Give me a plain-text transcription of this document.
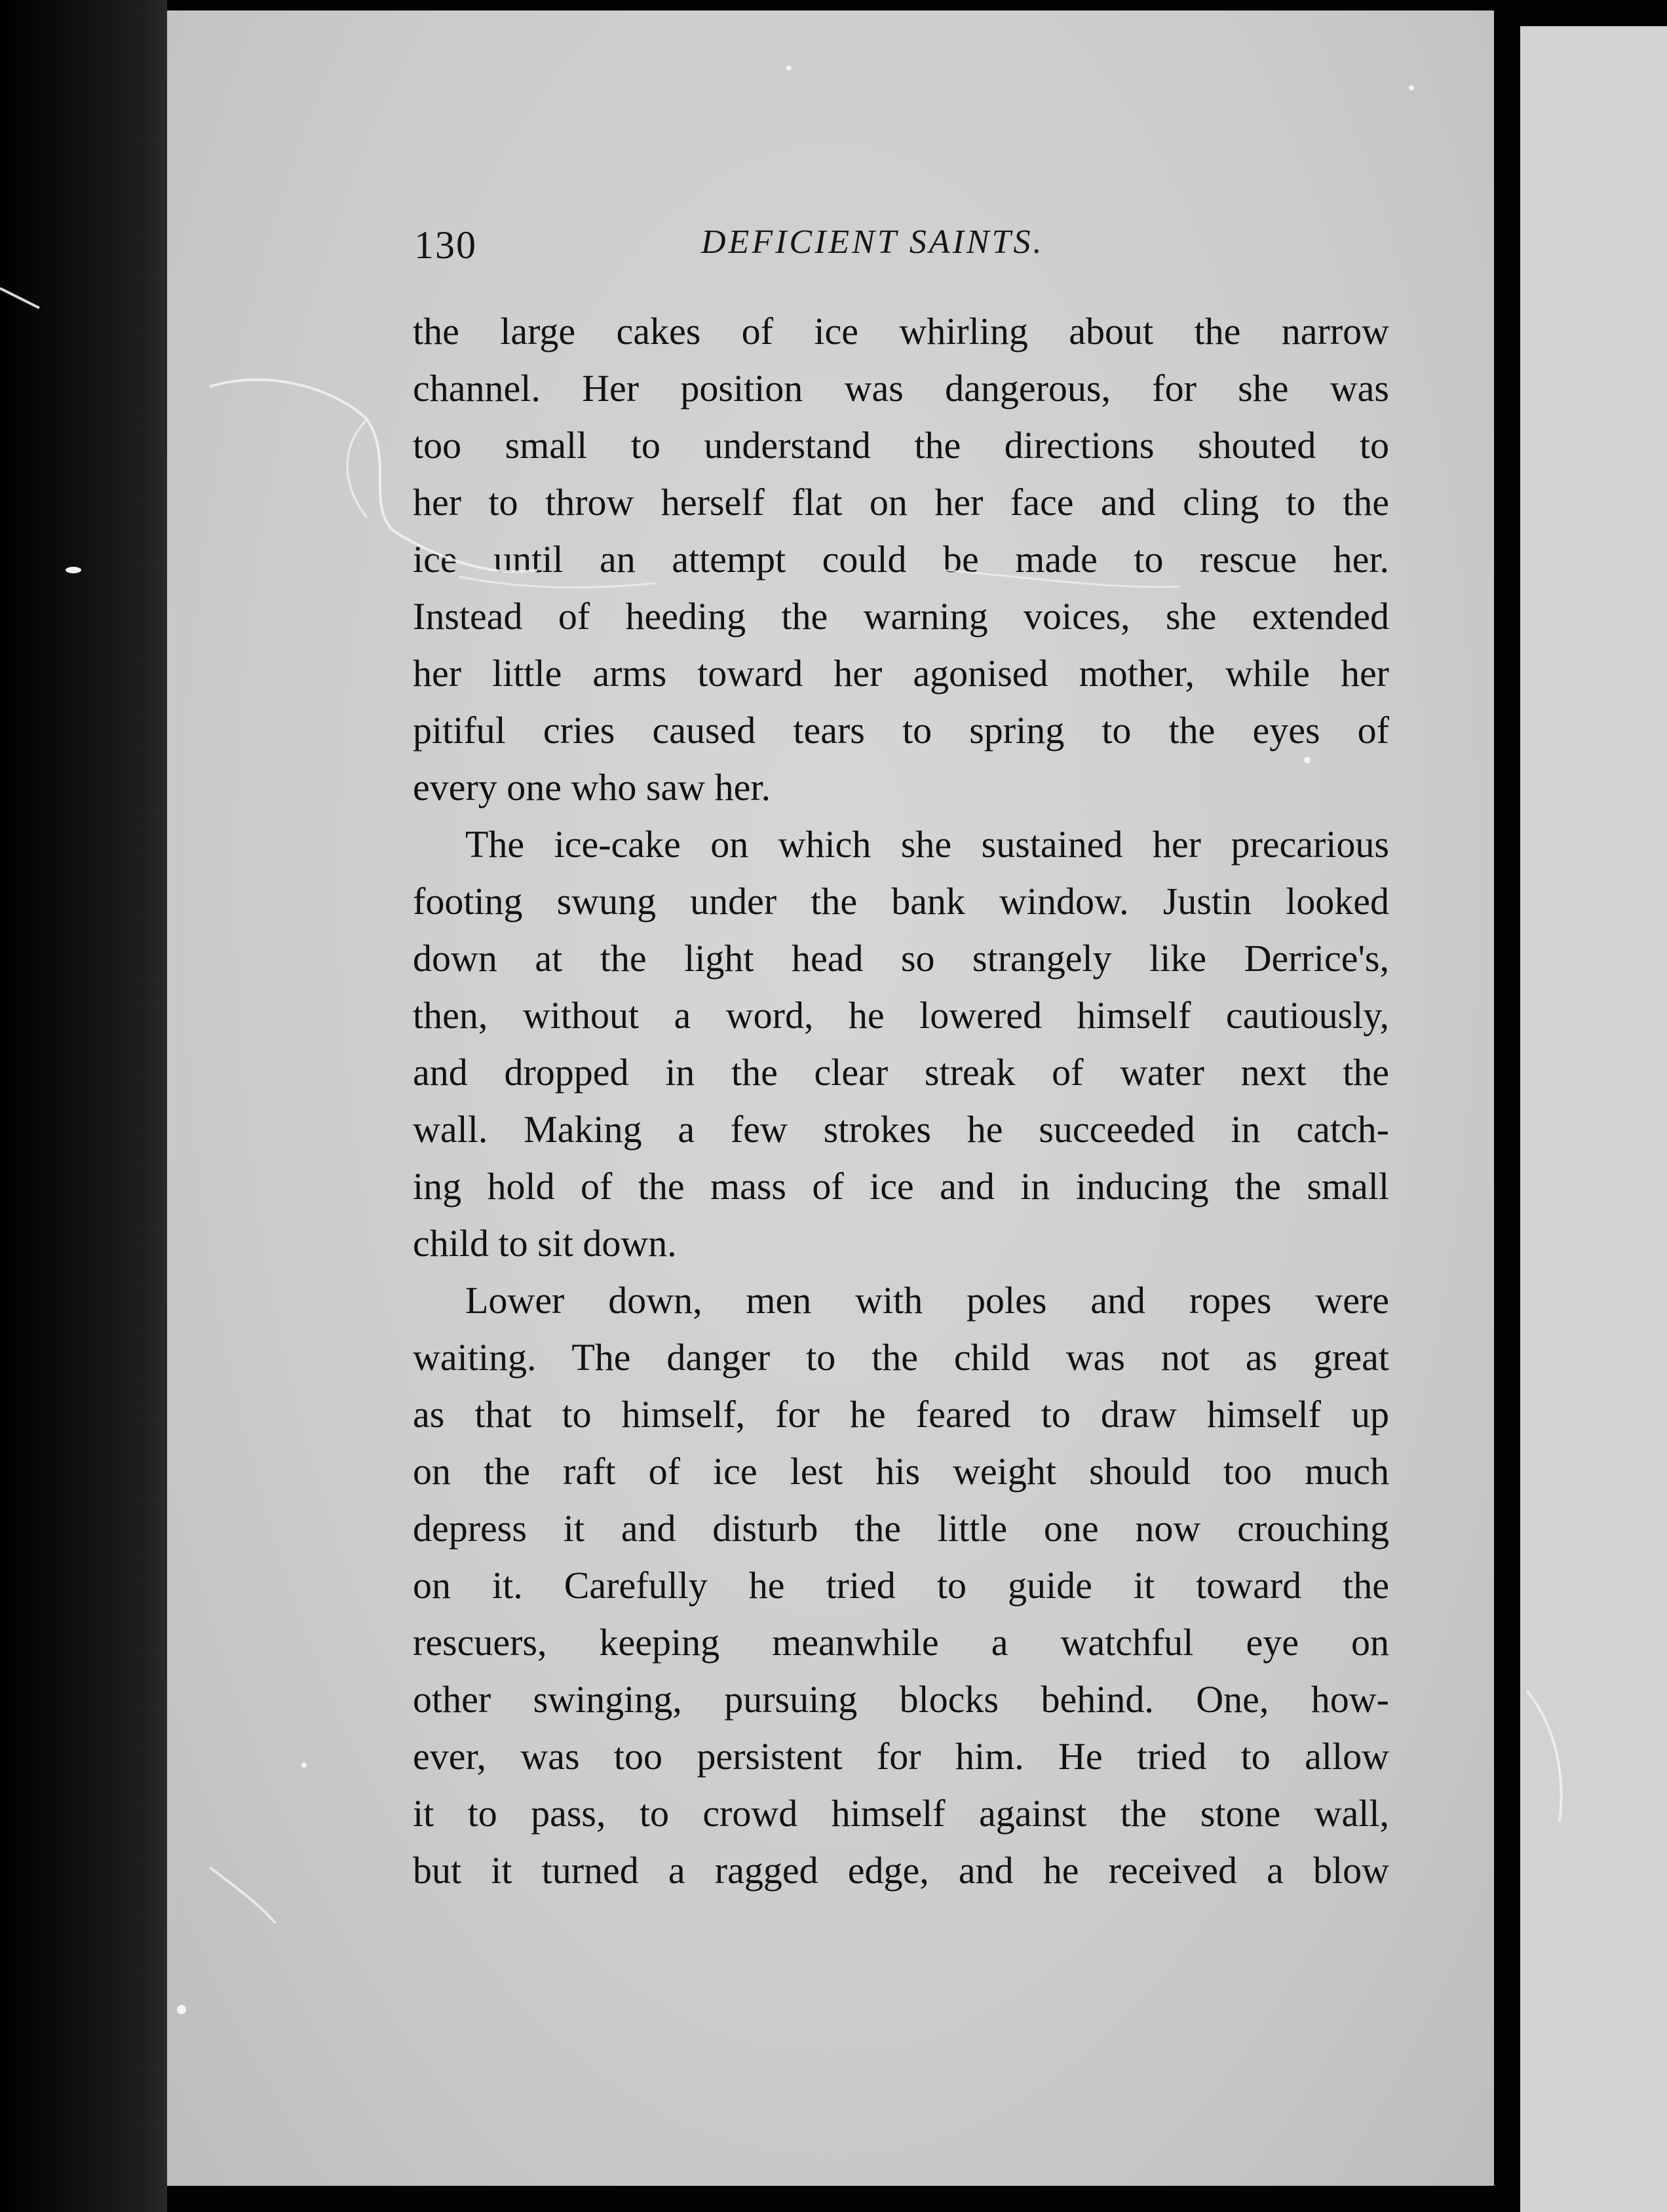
130	DEFICIENT SAINTS.
the large cakes of ice whirling about the narrow
channel. Her position was dangerous, for she was
too small to understand the directions shouted to
her to throw herself flat on her face and cling to the
ice until an attempt could be made to rescue her.
Instead of heeding the warning voices, she extended
her little arms toward her agonised mother, while her
pitiful cries caused tears to spring to the eyes of
every one who saw her.
The ice-cake on which she sustained her precarious
footing swung under the bank window. Justin looked
down at the light head so strangely like Derrice's,
then, without a word, he lowered himself cautiously,
and dropped in the clear streak of water next the
wall. Making a few strokes he succeeded in catch-
ing hold of the mass of ice and in inducing the small
child to sit down.
Lower down, men with poles and ropes were
waiting. The danger to the child was not as great
as that to himself, for he feared to draw himself up
on the raft of ice lest his weight should too much
depress it and disturb the little one now crouching
on it. Carefully he tried to guide it toward the
rescuers, keeping meanwhile a watchful eye on
other swinging, pursuing blocks behind. One, how-
ever, was too persistent for him. He tried to allow
it to pass, to crowd himself against the stone wall,
but it turned a ragged edge, and he received a blow
